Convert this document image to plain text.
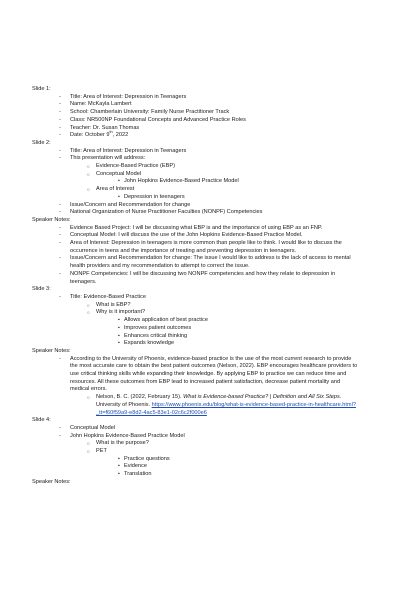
Slide 1:
- Title: Area of Interest: Depression in Teenagers
- Name: McKayla Lambert
- School: Chamberlain University: Family Nurse Practitioner Track
- Class: NR500NP Foundational Concepts and Advanced Practice Roles
- Teacher: Dr. Susan Thomas
- Date: October 9th, 2022
Slide 2:
- Title: Area of Interest: Depression in Teenagers
- This presentation will address:
○ Evidence-Based Practice (EBP)
○ Conceptual Model
▪ John Hopkins Evidence-Based Practice Model
○ Area of Interest
▪ Depression in teenagers
- Issue/Concern and Recommendation for change
- National Organization of Nurse Practitioner Faculties (NONPF) Competencies
Speaker Notes:
- Evidence Based Project: I will be discussing what EBP is and the importance of using EBP as an FNP.
- Conceptual Model: I will discuss the use of the John Hopkins Evidence-Based Practice Model.
- Area of Interest: Depression in teenagers is more common than people like to think. I would like to discuss the occurrence in teens and the importance of treating and preventing depression in teenagers.
- Issue/Concern and Recommendation for change: The issue I would like to address is the lack of access to mental health providers and my recommendation to attempt to correct the issue.
- NONPF Competencies: I will be discussing two NONPF competencies and how they relate to depression in teenagers.
Slide 3:
- Title: Evidence-Based Practice
○ What is EBP?
○ Why is it important?
▪ Allows application of best practice
▪ Improves patient outcomes
▪ Enhances critical thinking
▪ Expands knowledge
Speaker Notes:
- According to the University of Phoenix, evidence-based practice is the use of the most current research to provide the most accurate care to obtain the best patient outcomes (Nelson, 2022). EBP encourages healthcare providers to use critical thinking skills while expanding their knowledge. By applying EBP to practice we can reduce time and resources. All these outcomes from EBP lead to increased patient satisfaction, decrease patient mortality and medical errors.
○ Nelson, B. C. (2022, February 15). What is Evidence-based Practice? | Definition and All Six Steps. University of Phoenix. https://www.phoenix.edu/blog/what-is-evidence-based-practice-in-healthcare.html?_tt=f60f59a9-e8d2-4ac5-83e1-02c6c2f000e6
Slide 4:
- Conceptual Model
- John Hopkins Evidence-Based Practice Model
○ What is the purpose?
○ PET
▪ Practice questions
▪ Evidence
▪ Translation
Speaker Notes:
